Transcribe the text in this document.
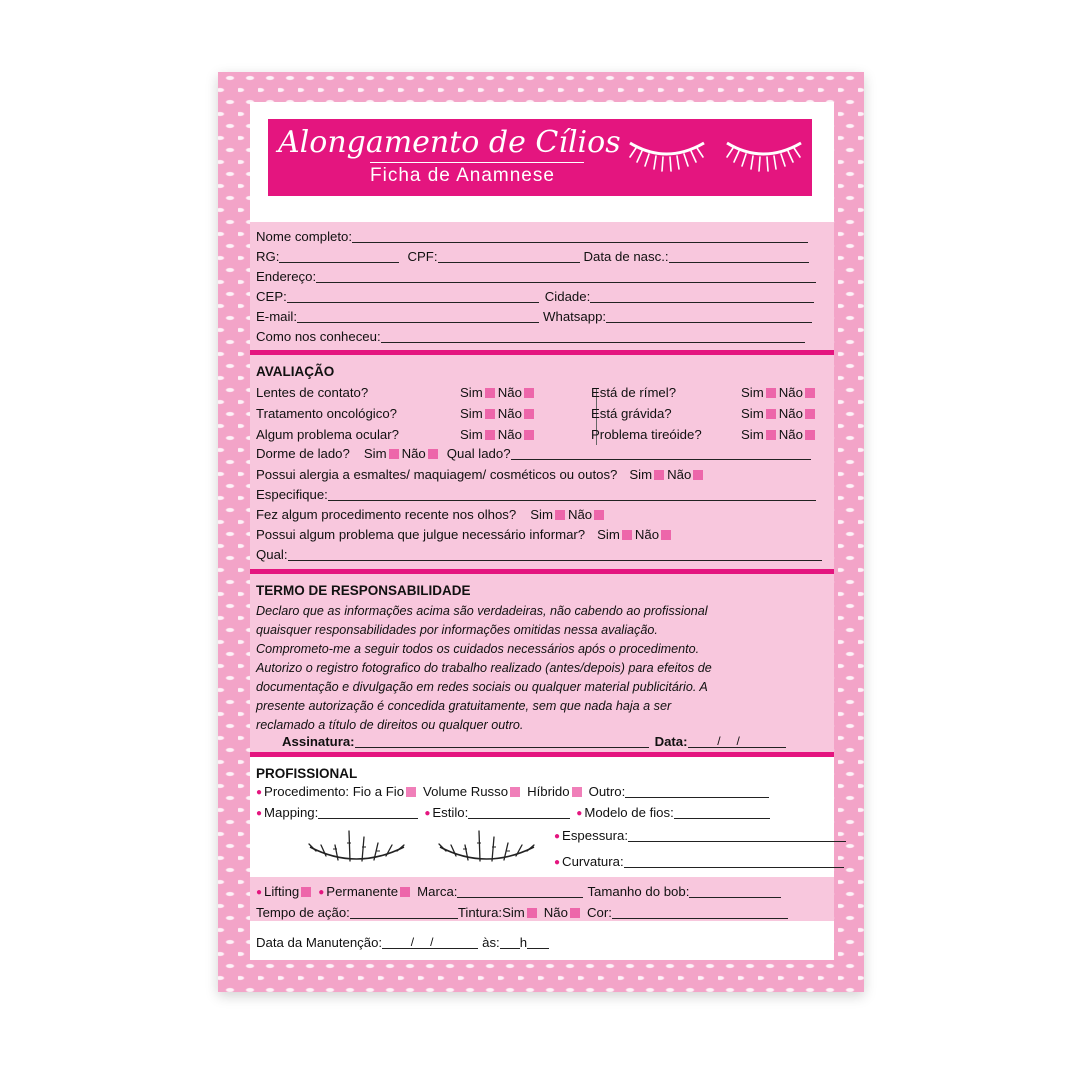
Alongamento de Cílios
Ficha de Anamnese
Nome completo:
RG:	CPF:	Data de nasc.:
Endereço:
CEP:	Cidade:
E-mail:	Whatsapp:
Como nos conheceu:
AVALIAÇÃO
Lentes de contato?	Sim Não
Tratamento oncológico?	Sim Não
Algum problema ocular?	Sim Não
Está de rímel?	Sim Não
Está grávida?	Sim Não
Problema tireóide?	Sim Não
Dorme de lado? Sim Não Qual lado?
Possui alergia a esmaltes/ maquiagem/ cosméticos ou outos? Sim Não
Especifique:
Fez algum procedimento recente nos olhos? Sim Não
Possui algum problema que julgue necessário informar? Sim Não
Qual:
TERMO DE RESPONSABILIDADE
Declaro que as informações acima são verdadeiras, não cabendo ao profissional
quaisquer responsabilidades por informações omitidas nessa avaliação.
Comprometo-me a seguir todos os cuidados necessários após o procedimento.
Autorizo o registro fotografico do trabalho realizado (antes/depois) para efeitos de
documentação e divulgação em redes sociais ou qualquer material publicitário. A
presente autorização é concedida gratuitamente, sem que nada haja a ser
reclamado a título de direitos ou qualquer outro.
Assinatura:	Data:	//
PROFISSIONAL
● Procedimento: Fio a Fio Volume Russo Híbrido Outro:
● Mapping:	● Estilo:	● Modelo de fios:
● Espessura:
● Curvatura:
● Lifting ● Permanente Marca:	Tamanho do bob:
Tempo de ação:	Tintura: Sim Não Cor:
Data da Manutenção:	//	às: h
